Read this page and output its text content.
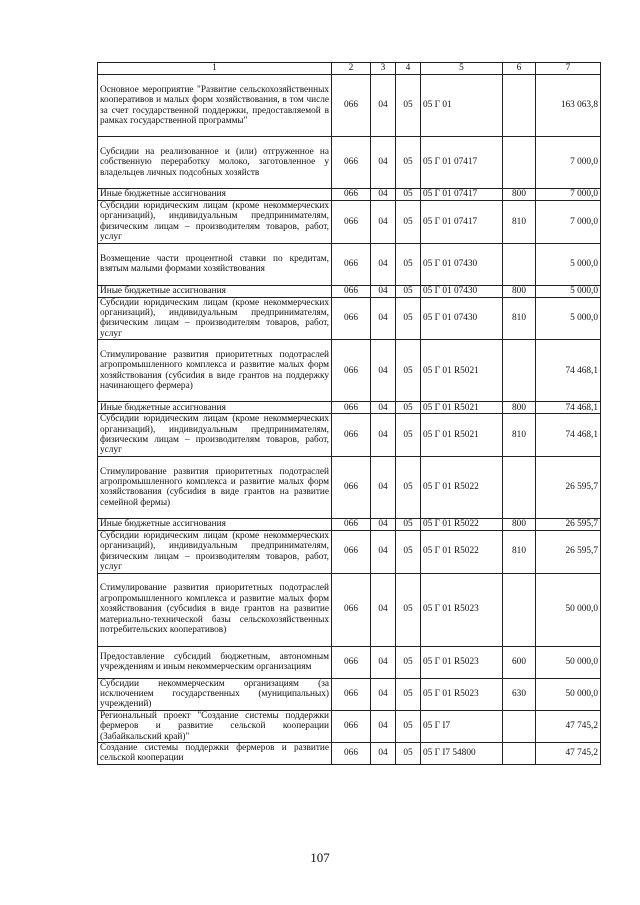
1	2	3	4	5	6	7
Основное мероприятие "Развитие сельскохозяйственных кооперативов и малых форм хозяйствования, в том числе за счет государственной поддержки, предоставляемой в рамках государственной программы"	066	04	05	05 Г 01		163 063,8
Субсидии на реализованное и (или) отгруженное на собственную переработку молоко, заготовленное у владельцев личных подсобных хозяйств	066	04	05	05 Г 01 07417		7 000,0
Иные бюджетные ассигнования	066	04	05	05 Г 01 07417	800	7 000,0
Субсидии юридическим лицам (кроме некоммерческих организаций), индивидуальным предпринимателям, физическим лицам – производителям товаров, работ, услуг	066	04	05	05 Г 01 07417	810	7 000,0
Возмещение части процентной ставки по кредитам, взятым малыми формами хозяйствования	066	04	05	05 Г 01 07430		5 000,0
Иные бюджетные ассигнования	066	04	05	05 Г 01 07430	800	5 000,0
Субсидии юридическим лицам (кроме некоммерческих организаций), индивидуальным предпринимателям, физическим лицам – производителям товаров, работ, услуг	066	04	05	05 Г 01 07430	810	5 000,0
Стимулирование развития приоритетных подотраслей агропромышленного комплекса и развитие малых форм хозяйствования (субсиdия в виде грантов на поддержку начинающего фермера)	066	04	05	05 Г 01 R5021		74 468,1
Иные бюджетные ассигнования	066	04	05	05 Г 01 R5021	800	74 468,1
Субсидии юридическим лицам (кроме некоммерческих организаций), индивидуальным предпринимателям, физическим лицам – производителям товаров, работ, услуг	066	04	05	05 Г 01 R5021	810	74 468,1
Стимулирование развития приоритетных подотраслей агропромышленного комплекса и развитие малых форм хозяйствования (субсиdия в виде грантов на развитие семейной фермы)	066	04	05	05 Г 01 R5022		26 595,7
Иные бюджетные ассигнования	066	04	05	05 Г 01 R5022	800	26 595,7
Субсидии юридическим лицам (кроме некоммерческих организаций), индивидуальным предпринимателям, физическим лицам – производителям товаров, работ, услуг	066	04	05	05 Г 01 R5022	810	26 595,7
Стимулирование развития приоритетных подотраслей агропромышленного комплекса и развитие малых форм хозяйствования (субсиdия в виде грантов на развитие материально-технической базы сельскохозяйственных потребительских кооперативов)	066	04	05	05 Г 01 R5023		50 000,0
Предоставление субсидий бюджетным, автономным учреждениям и иным некоммерческим организациям	066	04	05	05 Г 01 R5023	600	50 000,0
Субсидии некоммерческим организациям (за исключением государственных (муниципальных) учреждений)	066	04	05	05 Г 01 R5023	630	50 000,0
Региональный проект "Создание системы поддержки фермеров и развитие сельской кооперации (Забайкальский край)"	066	04	05	05 Г I7		47 745,2
Создание системы поддержки фермеров и развитие сельской кооперации	066	04	05	05 Г I7 54800		47 745,2
107
